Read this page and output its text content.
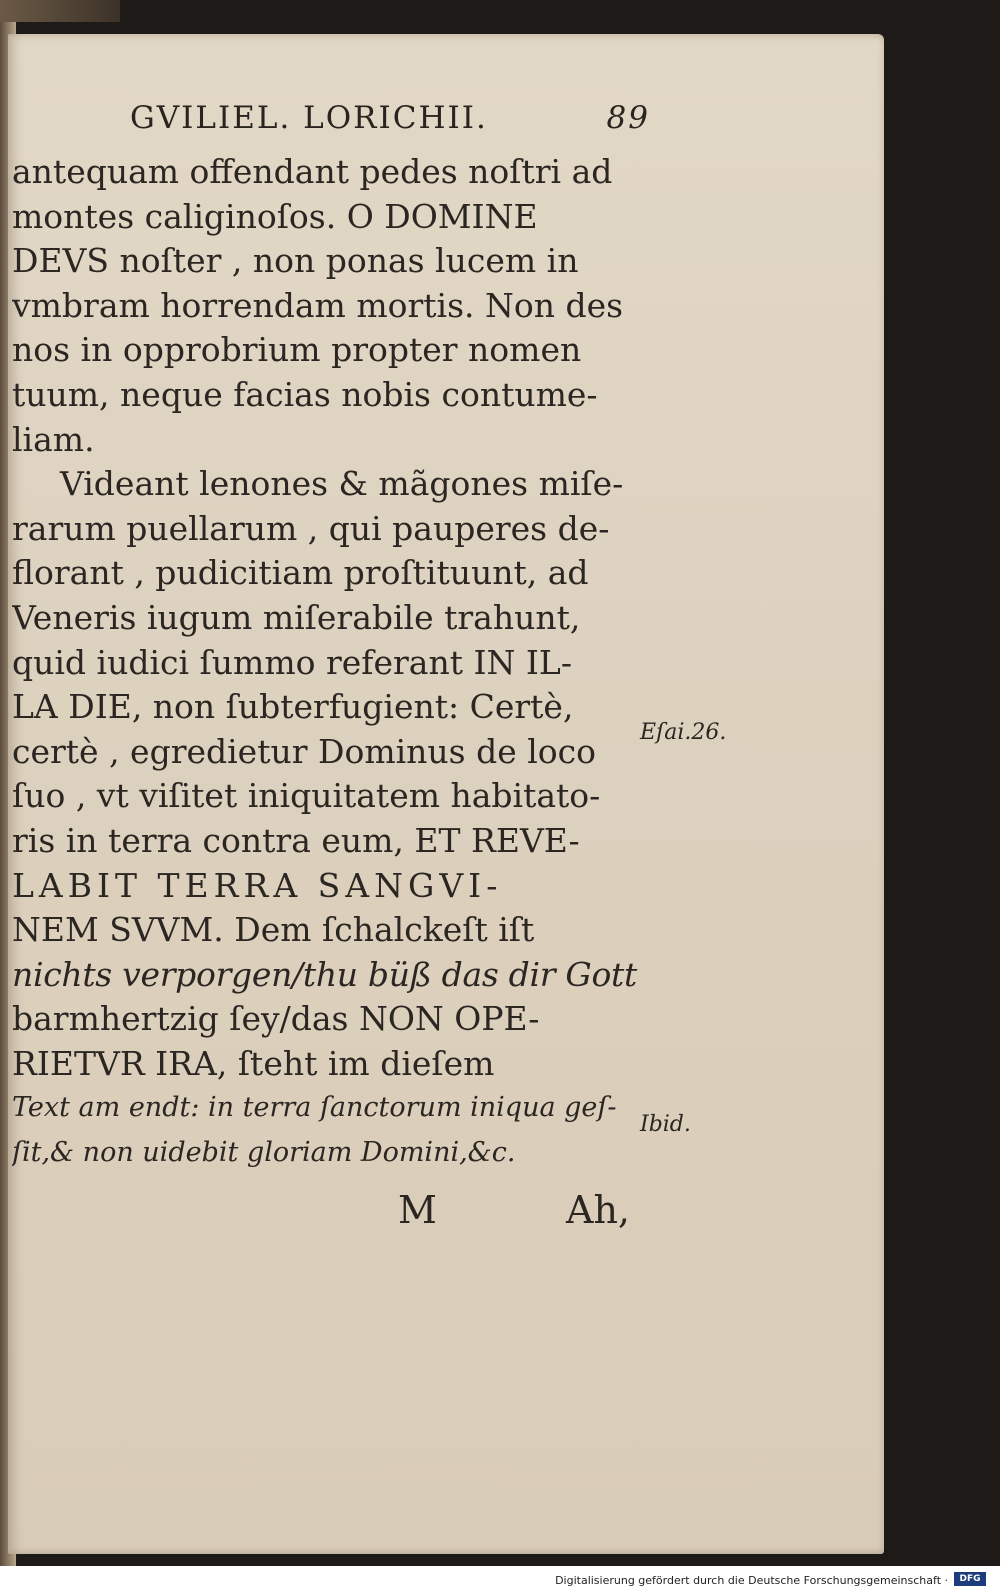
GVILIEL. LORICHII.	89
antequam offendant pedes noſtri ad
montes caliginoſos. O DOMINE
DEVS noſter , non ponas lucem in
vmbram horrendam mortis. Non des
nos in opprobrium propter nomen
tuum, neque facias nobis contume-
liam.
Videant lenones & mãgones miſe-
rarum puellarum , qui pauperes de-
florant , pudicitiam proſtituunt, ad
Veneris iugum miſerabile trahunt,
quid iudici ſummo referant IN IL-
LA DIE, non ſubterfugient: Certè,
certè , egredietur Dominus de loco
ſuo , vt viſitet iniquitatem habitato-
ris in terra contra eum, ET REVE-
LABIT TERRA SANGVI-
NEM SVVM. Dem ſchalckeſt iſt
nichts verporgen/thu büß das dir Gott
barmhertzig ſey/das NON OPE-
RIETVR IRA, ſteht im dieſem
Text am endt: in terra ſanctorum iniqua geſ-
ſit,& non uidebit gloriam Domini,&c.
Eſai.26.
Ibid.
M	Ah,
Digitalisierung gefördert durch die Deutsche Forschungsgemeinschaft ·	DFG
